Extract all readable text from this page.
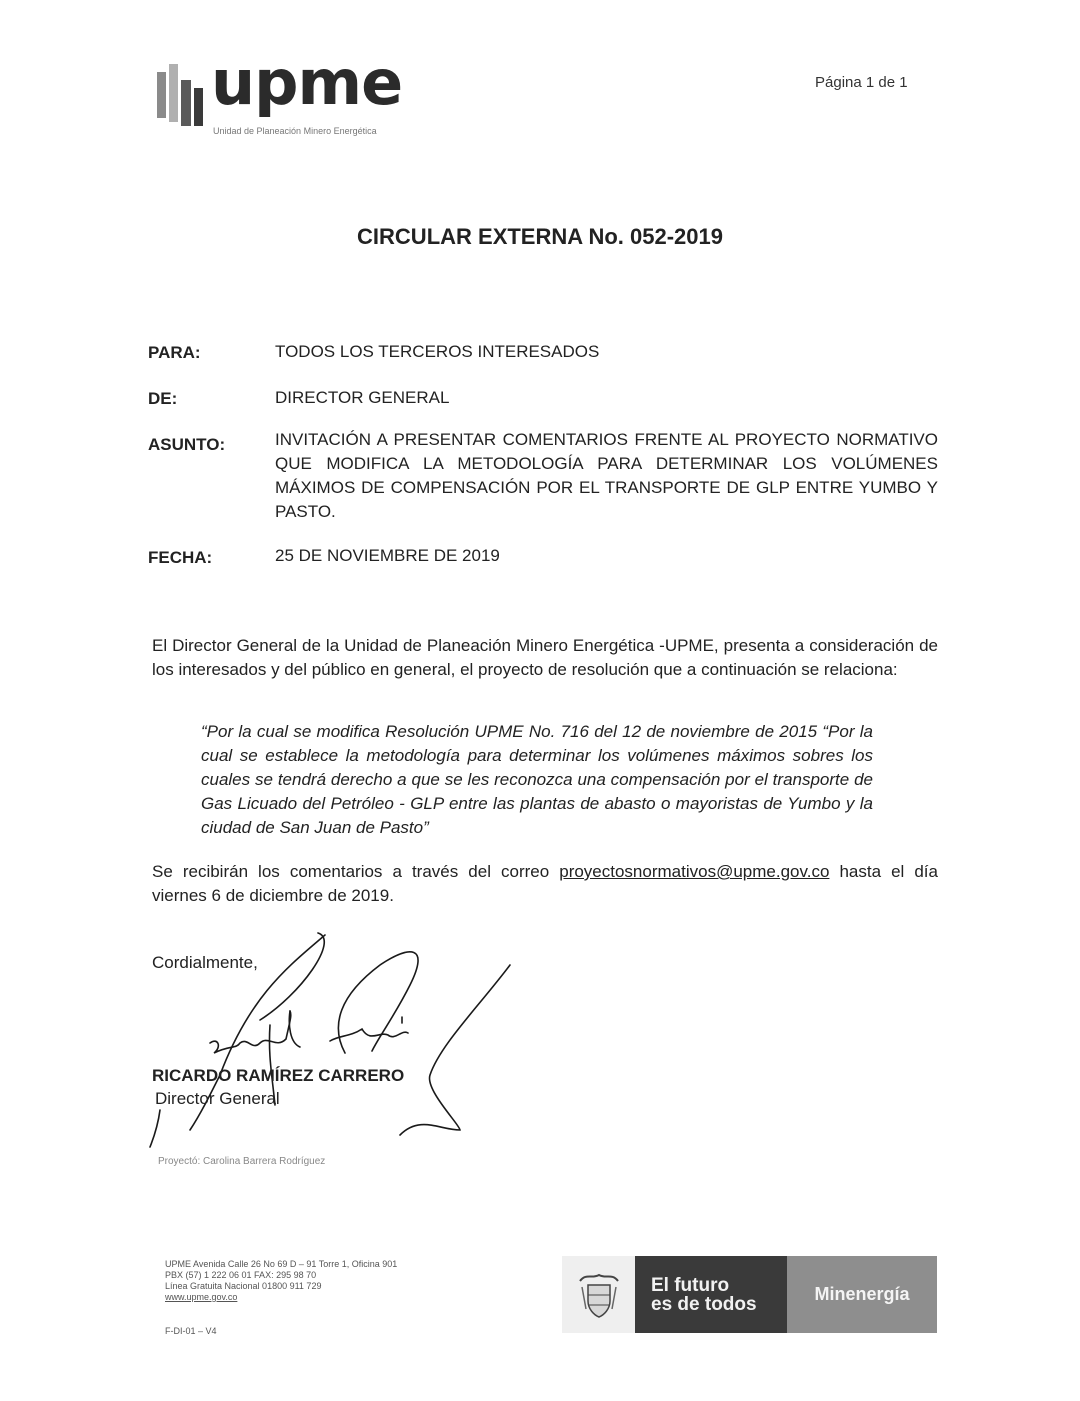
upme
Unidad de Planeación Minero Energética
Página 1 de 1
CIRCULAR EXTERNA No. 052-2019
PARA:	TODOS LOS TERCEROS INTERESADOS
DE:	DIRECTOR GENERAL
ASUNTO:	INVITACIÓN A PRESENTAR COMENTARIOS FRENTE AL PROYECTO NORMATIVO QUE MODIFICA LA METODOLOGÍA PARA DETERMINAR LOS VOLÚMENES MÁXIMOS DE COMPENSACIÓN POR EL TRANSPORTE DE GLP ENTRE YUMBO Y PASTO.
FECHA:	25 DE NOVIEMBRE DE 2019
El Director General de la Unidad de Planeación Minero Energética -UPME, presenta a consideración de los interesados y del público en general, el proyecto de resolución que a continuación se relaciona:
“Por la cual se modifica Resolución UPME No. 716 del 12 de noviembre de 2015 “Por la cual se establece la metodología para determinar los volúmenes máximos sobres los cuales se tendrá derecho a que se les reconozca una compensación por el transporte de Gas Licuado del Petróleo - GLP entre las plantas de abasto o mayoristas de Yumbo y la ciudad de San Juan de Pasto”
Se recibirán los comentarios a través del correo proyectosnormativos@upme.gov.co hasta el día viernes 6 de diciembre de 2019.
Cordialmente,
RICARDO RAMÍREZ CARRERO
Director General
Proyectó: Carolina Barrera Rodríguez
UPME Avenida Calle 26 No 69 D – 91 Torre 1, Oficina 901
PBX (57) 1 222 06 01 FAX: 295 98 70
Línea Gratuita Nacional 01800 911 729
www.upme.gov.co
F-DI-01 – V4
El futuro
es de todos	Minenergía
